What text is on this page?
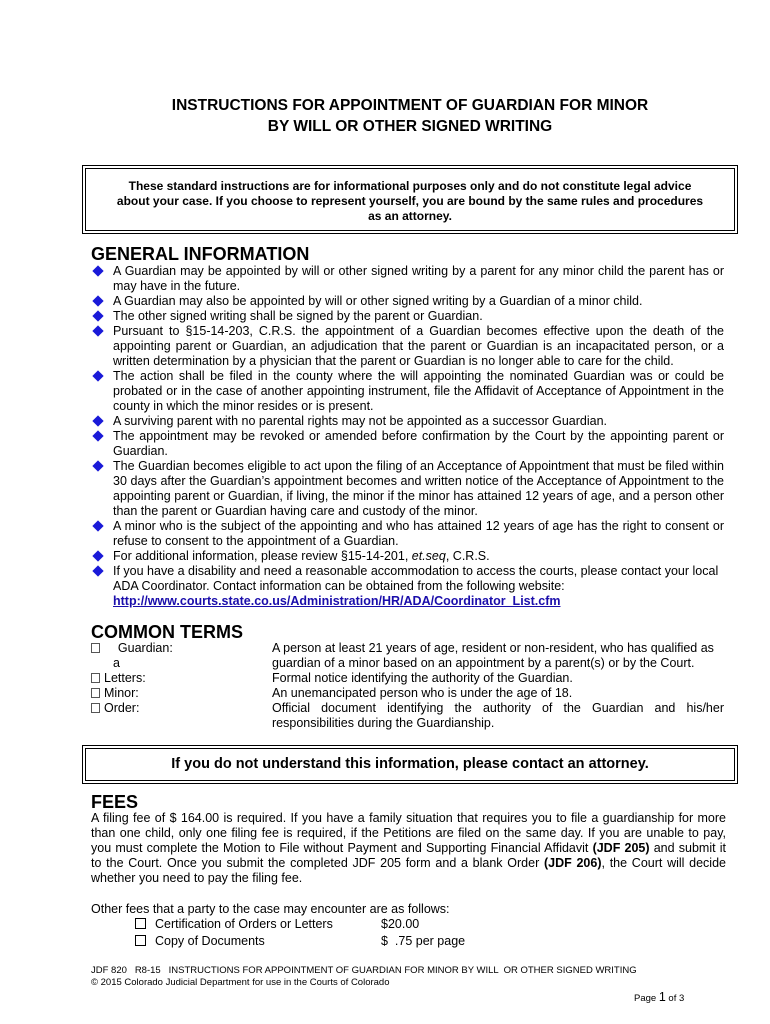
INSTRUCTIONS FOR APPOINTMENT OF GUARDIAN FOR MINOR
BY WILL OR OTHER SIGNED WRITING
These standard instructions are for informational purposes only and do not constitute legal advice
about your case. If you choose to represent yourself, you are bound by the same rules and procedures
as an attorney.
GENERAL INFORMATION
A Guardian may be appointed by will or other signed writing by a parent for any minor child the parent has or may have in the future.
A Guardian may also be appointed by will or other signed writing by a Guardian of a minor child.
The other signed writing shall be signed by the parent or Guardian.
Pursuant to §15-14-203, C.R.S. the appointment of a Guardian becomes effective upon the death of the appointing parent or Guardian, an adjudication that the parent or Guardian is an incapacitated person, or a written determination by a physician that the parent or Guardian is no longer able to care for the child.
The action shall be filed in the county where the will appointing the nominated Guardian was or could be probated or in the case of another appointing instrument, file the Affidavit of Acceptance of Appointment in the county in which the minor resides or is present.
A surviving parent with no parental rights may not be appointed as a successor Guardian.
The appointment may be revoked or amended before confirmation by the Court by the appointing parent or Guardian.
The Guardian becomes eligible to act upon the filing of an Acceptance of Appointment that must be filed within 30 days after the Guardian’s appointment becomes and written notice of the Acceptance of Appointment to the appointing parent or Guardian, if living, the minor if the minor has attained 12 years of age, and a person other than the parent or Guardian having care and custody of the minor.
A minor who is the subject of the appointing and who has attained 12 years of age has the right to consent or refuse to consent to the appointment of a Guardian.
For additional information, please review §15-14-201, et.seq, C.R.S.
If you have a disability and need a reasonable accommodation to access the courts, please contact your local ADA Coordinator. Contact information can be obtained from the following website:
http://www.courts.state.co.us/Administration/HR/ADA/Coordinator_List.cfm
COMMON TERMS
Guardian:	A person at least 21 years of age, resident or non-resident, who has qualified as
a	guardian of a minor based on an appointment by a parent(s) or by the Court.
Letters:	Formal notice identifying the authority of the Guardian.
Minor:	An unemancipated person who is under the age of 18.
Order:	Official document identifying the authority of the Guardian and his/her responsibilities during the Guardianship.
If you do not understand this information, please contact an attorney.
FEES
A filing fee of $ 164.00 is required. If you have a family situation that requires you to file a guardianship for more than one child, only one filing fee is required, if the Petitions are filed on the same day. If you are unable to pay, you must complete the Motion to File without Payment and Supporting Financial Affidavit (JDF 205) and submit it to the Court. Once you submit the completed JDF 205 form and a blank Order (JDF 206), the Court will decide whether you need to pay the filing fee.
Other fees that a party to the case may encounter are as follows:
Certification of Orders or Letters	$20.00
Copy of Documents	$  .75 per page
JDF 820   R8-15   INSTRUCTIONS FOR APPOINTMENT OF GUARDIAN FOR MINOR BY WILL  OR OTHER SIGNED WRITING
© 2015 Colorado Judicial Department for use in the Courts of Colorado
Page 1 of 3
